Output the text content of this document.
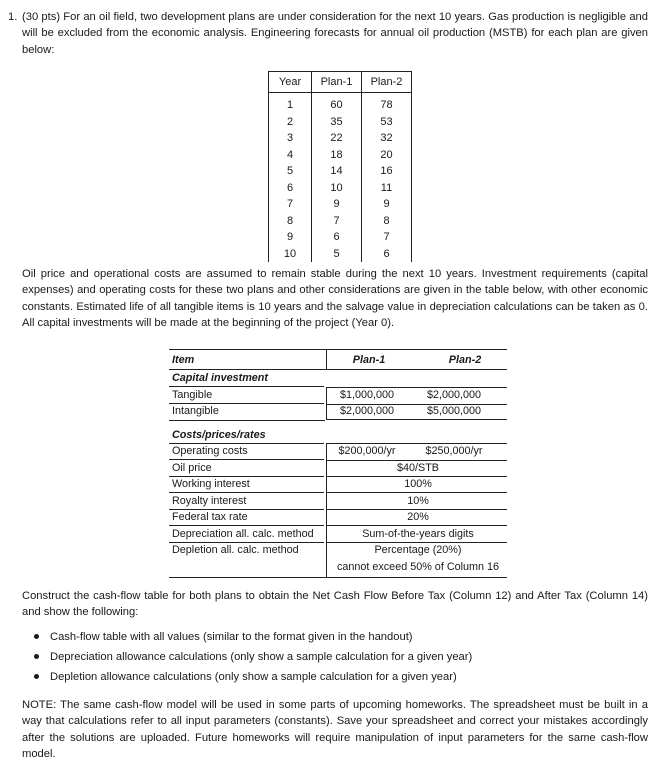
1. (30 pts) For an oil field, two development plans are under consideration for the next 10 years. Gas production is negligible and will be excluded from the economic analysis. Engineering forecasts for annual oil production (MSTB) for each plan are given below:
Year	Plan-1	Plan-2
1	60	78
2	35	53
3	22	32
4	18	20
5	14	16
6	10	11
7	9	9
8	7	8
9	6	7
10	5	6
Oil price and operational costs are assumed to remain stable during the next 10 years. Investment requirements (capital expenses) and operating costs for these two plans and other considerations are given in the table below, with other economic constants. Estimated life of all tangible items is 10 years and the salvage value in depreciation calculations can be taken as 0. All capital investments will be made at the beginning of the project (Year 0).
Item	Plan-1	Plan-2
Capital investment
Tangible	$1,000,000	$2,000,000
Intangible	$2,000,000	$5,000,000
Costs/prices/rates
Operating costs	$200,000/yr	$250,000/yr
Oil price	$40/STB
Working interest	100%
Royalty interest	10%
Federal tax rate	20%
Depreciation all. calc. method	Sum-of-the-years digits
Depletion all. calc. method	Percentage (20%)
cannot exceed 50% of Column 16
Construct the cash-flow table for both plans to obtain the Net Cash Flow Before Tax (Column 12) and After Tax (Column 14) and show the following:
Cash-flow table with all values (similar to the format given in the handout)
Depreciation allowance calculations (only show a sample calculation for a given year)
Depletion allowance calculations (only show a sample calculation for a given year)
NOTE: The same cash-flow model will be used in some parts of upcoming homeworks. The spreadsheet must be built in a way that calculations refer to all input parameters (constants). Save your spreadsheet and correct your mistakes accordingly after the solutions are uploaded. Future homeworks will require manipulation of input parameters for the same cash-flow model.
